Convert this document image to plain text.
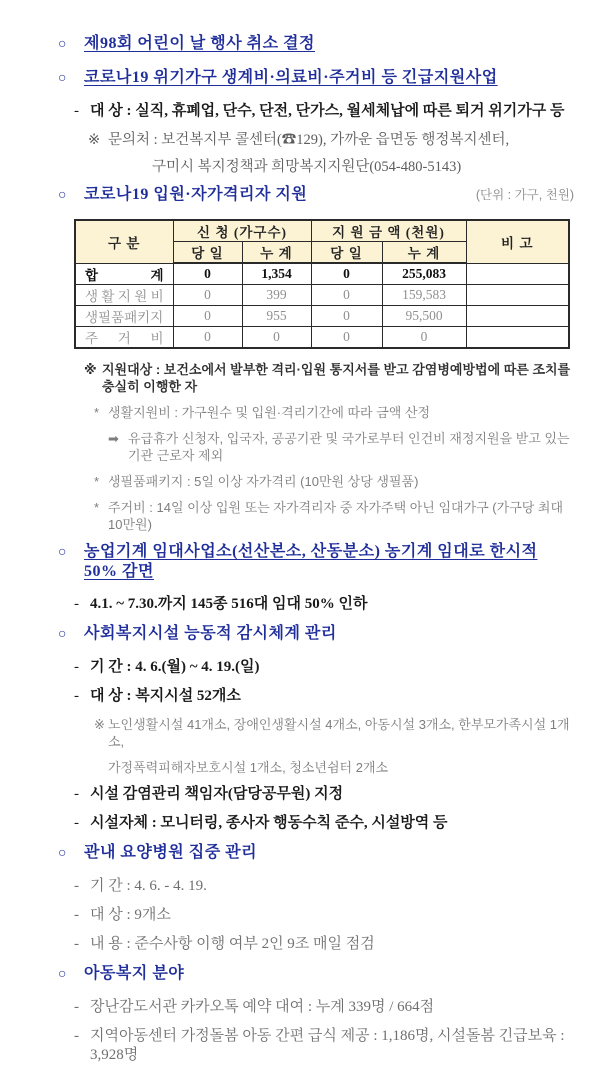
○	제98회 어린이 날 행사 취소 결정

○	코로나19 위기가구 생계비·의료비·주거비 등 긴급지원사업

- 대 상 : 실직, 휴폐업, 단수, 단전, 단가스, 월세체납에 따른 퇴거 위기가구 등

※ 문의처 : 보건복지부 콜센터(☎129), 가까운 읍면동 행정복지센터,

구미시 복지정책과 희망복지지원단(054-480-5143)

○	코로나19 입원·자가격리자 지원	(단위 : 가구, 천원)

구 분	신 청 (가구수)		지 원 금 액 (천원)		비 고
	당 일	누 계	당 일	누 계	
합 계	0	1,354	0	255,083	
생 활 지 원 비	0	399	0	159,583	
생필품패키지	0	955	0	95,500	
주 거 비	0	0	0	0	

※ 지원대상 : 보건소에서 발부한 격리·입원 통지서를 받고 감염병예방법에 따른 조치를 충실히 이행한 자

* 생활지원비 : 가구원수 및 입원·격리기간에 따라 금액 산정

➡ 유급휴가 신청자, 입국자, 공공기관 및 국가로부터 인건비 재정지원을 받고 있는 기관 근로자 제외

* 생필품패키지 : 5일 이상 자가격리 (10만원 상당 생필품)

* 주거비 : 14일 이상 입원 또는 자가격리자 중 자가주택 아닌 임대가구 (가구당 최대 10만원)

○	농업기계 임대사업소(선산본소, 산동분소) 농기계 임대로 한시적 50% 감면

- 4.1. ~ 7.30.까지 145종 516대 임대 50% 인하

○	사회복지시설 능동적 감시체계 관리

- 기 간 : 4. 6.(월) ~ 4. 19.(일)

- 대 상 : 복지시설 52개소

※ 노인생활시설 41개소, 장애인생활시설 4개소, 아동시설 3개소, 한부모가족시설 1개소,

가정폭력피해자보호시설 1개소, 청소년쉼터 2개소

- 시설 감염관리 책임자(담당공무원) 지정

- 시설자체 : 모니터링, 종사자 행동수칙 준수, 시설방역 등

○	관내 요양병원 집중 관리

- 기 간 : 4. 6. - 4. 19.

- 대 상 : 9개소

- 내 용 : 준수사항 이행 여부 2인 9조 매일 점검

○	아동복지 분야

- 장난감도서관 카카오톡 예약 대여 : 누계 339명 / 664점

- 지역아동센터 가정돌봄 아동 간편 급식 제공 : 1,186명, 시설돌봄 긴급보육 : 3,928명
